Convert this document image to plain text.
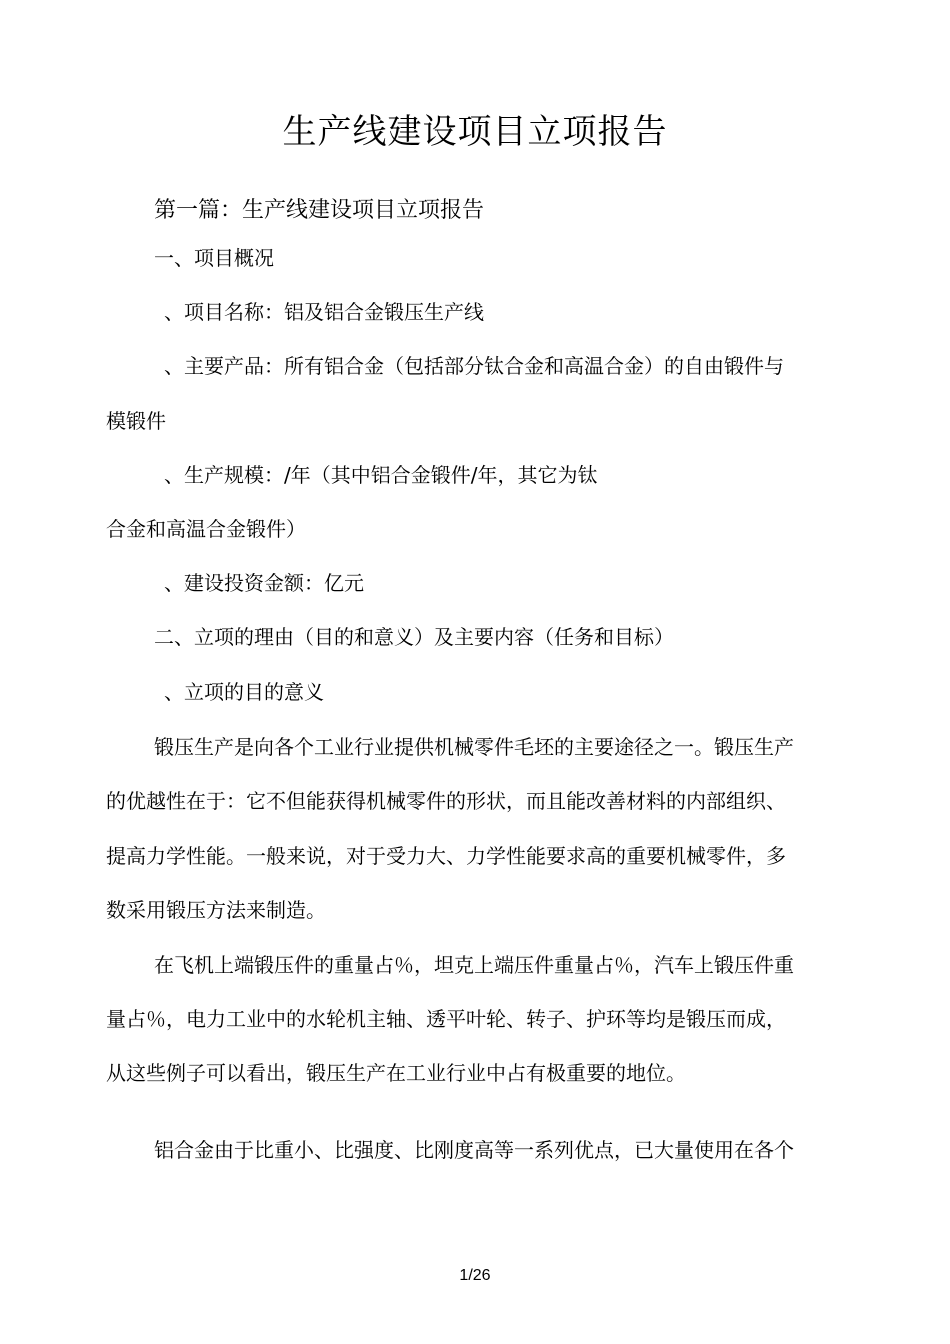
生产线建设项目立项报告
第一篇：生产线建设项目立项报告
一、项目概况
、项目名称：铝及铝合金锻压生产线
、主要产品：所有铝合金（包括部分钛合金和高温合金）的自由锻件与
模锻件
、生产规模：/年（其中铝合金锻件/年，其它为钛
合金和高温合金锻件）
、建设投资金额：亿元
二、立项的理由（目的和意义）及主要内容（任务和目标）
、立项的目的意义
锻压生产是向各个工业行业提供机械零件毛坯的主要途径之一。锻压生产
的优越性在于：它不但能获得机械零件的形状，而且能改善材料的内部组织、
提高力学性能。一般来说，对于受力大、力学性能要求高的重要机械零件，多
数采用锻压方法来制造。
在飞机上端锻压件的重量占％，坦克上端压件重量占％，汽车上锻压件重
量占％，电力工业中的水轮机主轴、透平叶轮、转子、护环等均是锻压而成，
从这些例子可以看出，锻压生产在工业行业中占有极重要的地位。
铝合金由于比重小、比强度、比刚度高等一系列优点，已大量使用在各个
1/26
